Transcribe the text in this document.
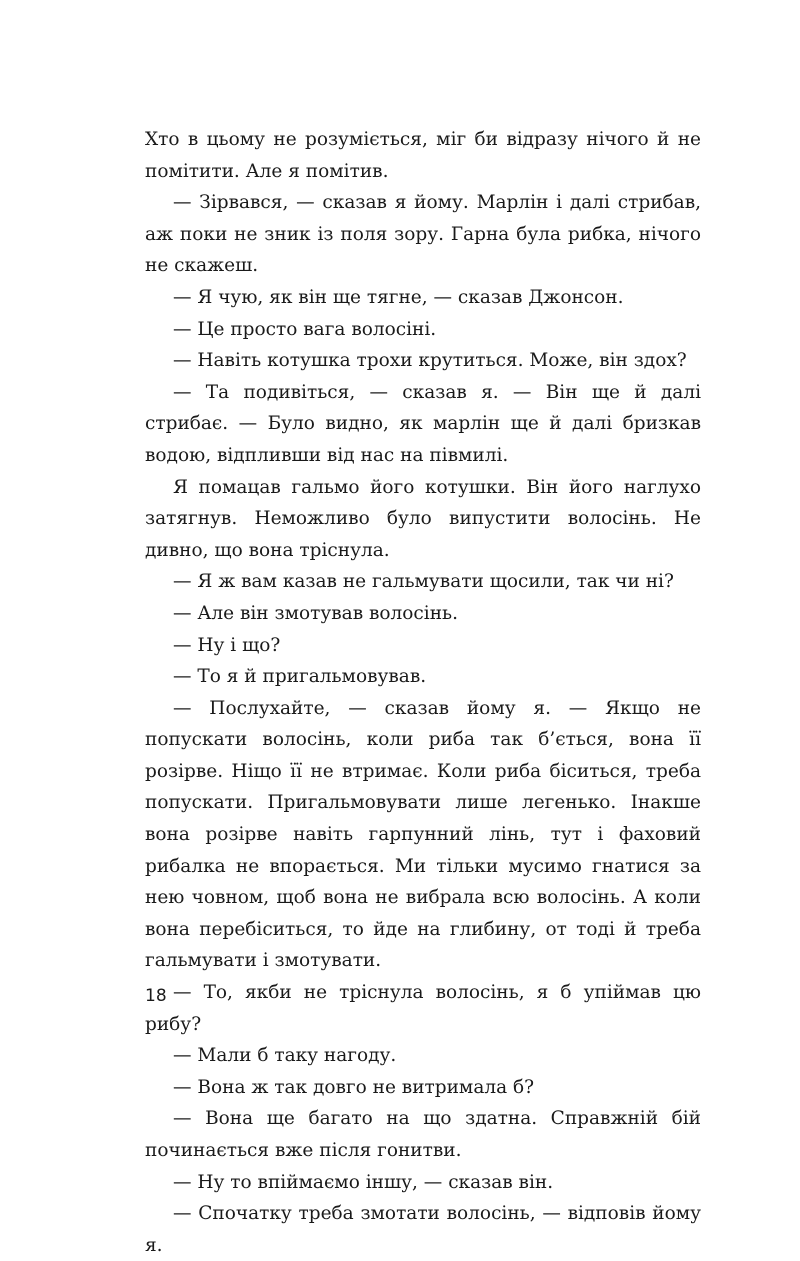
Хто в цьому не розуміється, міг би відразу нічого й не помітити. Але я помітив.

— Зірвався, — сказав я йому. Марлін і далі стрибав, аж поки не зник із поля зору. Гарна була рибка, нічого не скажеш.

— Я чую, як він ще тягне, — сказав Джонсон.

— Це просто вага волосіні.

— Навіть котушка трохи крутиться. Може, він здох?

— Та подивіться, — сказав я. — Він ще й далі стрибає. — Було видно, як марлін ще й далі бризкав водою, відпливши від нас на півмилі.

Я помацав гальмо його котушки. Він його наглухо затягнув. Неможливо було випустити волосінь. Не дивно, що вона тріснула.

— Я ж вам казав не гальмувати щосили, так чи ні?

— Але він змотував волосінь.

— Ну і що?

— То я й пригальмовував.

— Послухайте, — сказав йому я. — Якщо не попускати волосінь, коли риба так б’ється, вона її розірве. Ніщо її не втримає. Коли риба біситься, треба попускати. Пригальмовувати лише легенько. Інакше вона розірве навіть гарпунний лінь, тут і фаховий рибалка не впорається. Ми тільки мусимо гнатися за нею човном, щоб вона не вибрала всю волосінь. А коли вона перебіситься, то йде на глибину, от тоді й треба гальмувати і змотувати.

— То, якби не тріснула волосінь, я б упіймав цю рибу?

— Мали б таку нагоду.

— Вона ж так довго не витримала б?

— Вона ще багато на що здатна. Справжній бій починається вже після гонитви.

— Ну то впіймаємо іншу, — сказав він.

— Спочатку треба змотати волосінь, — відповів йому я.

18
